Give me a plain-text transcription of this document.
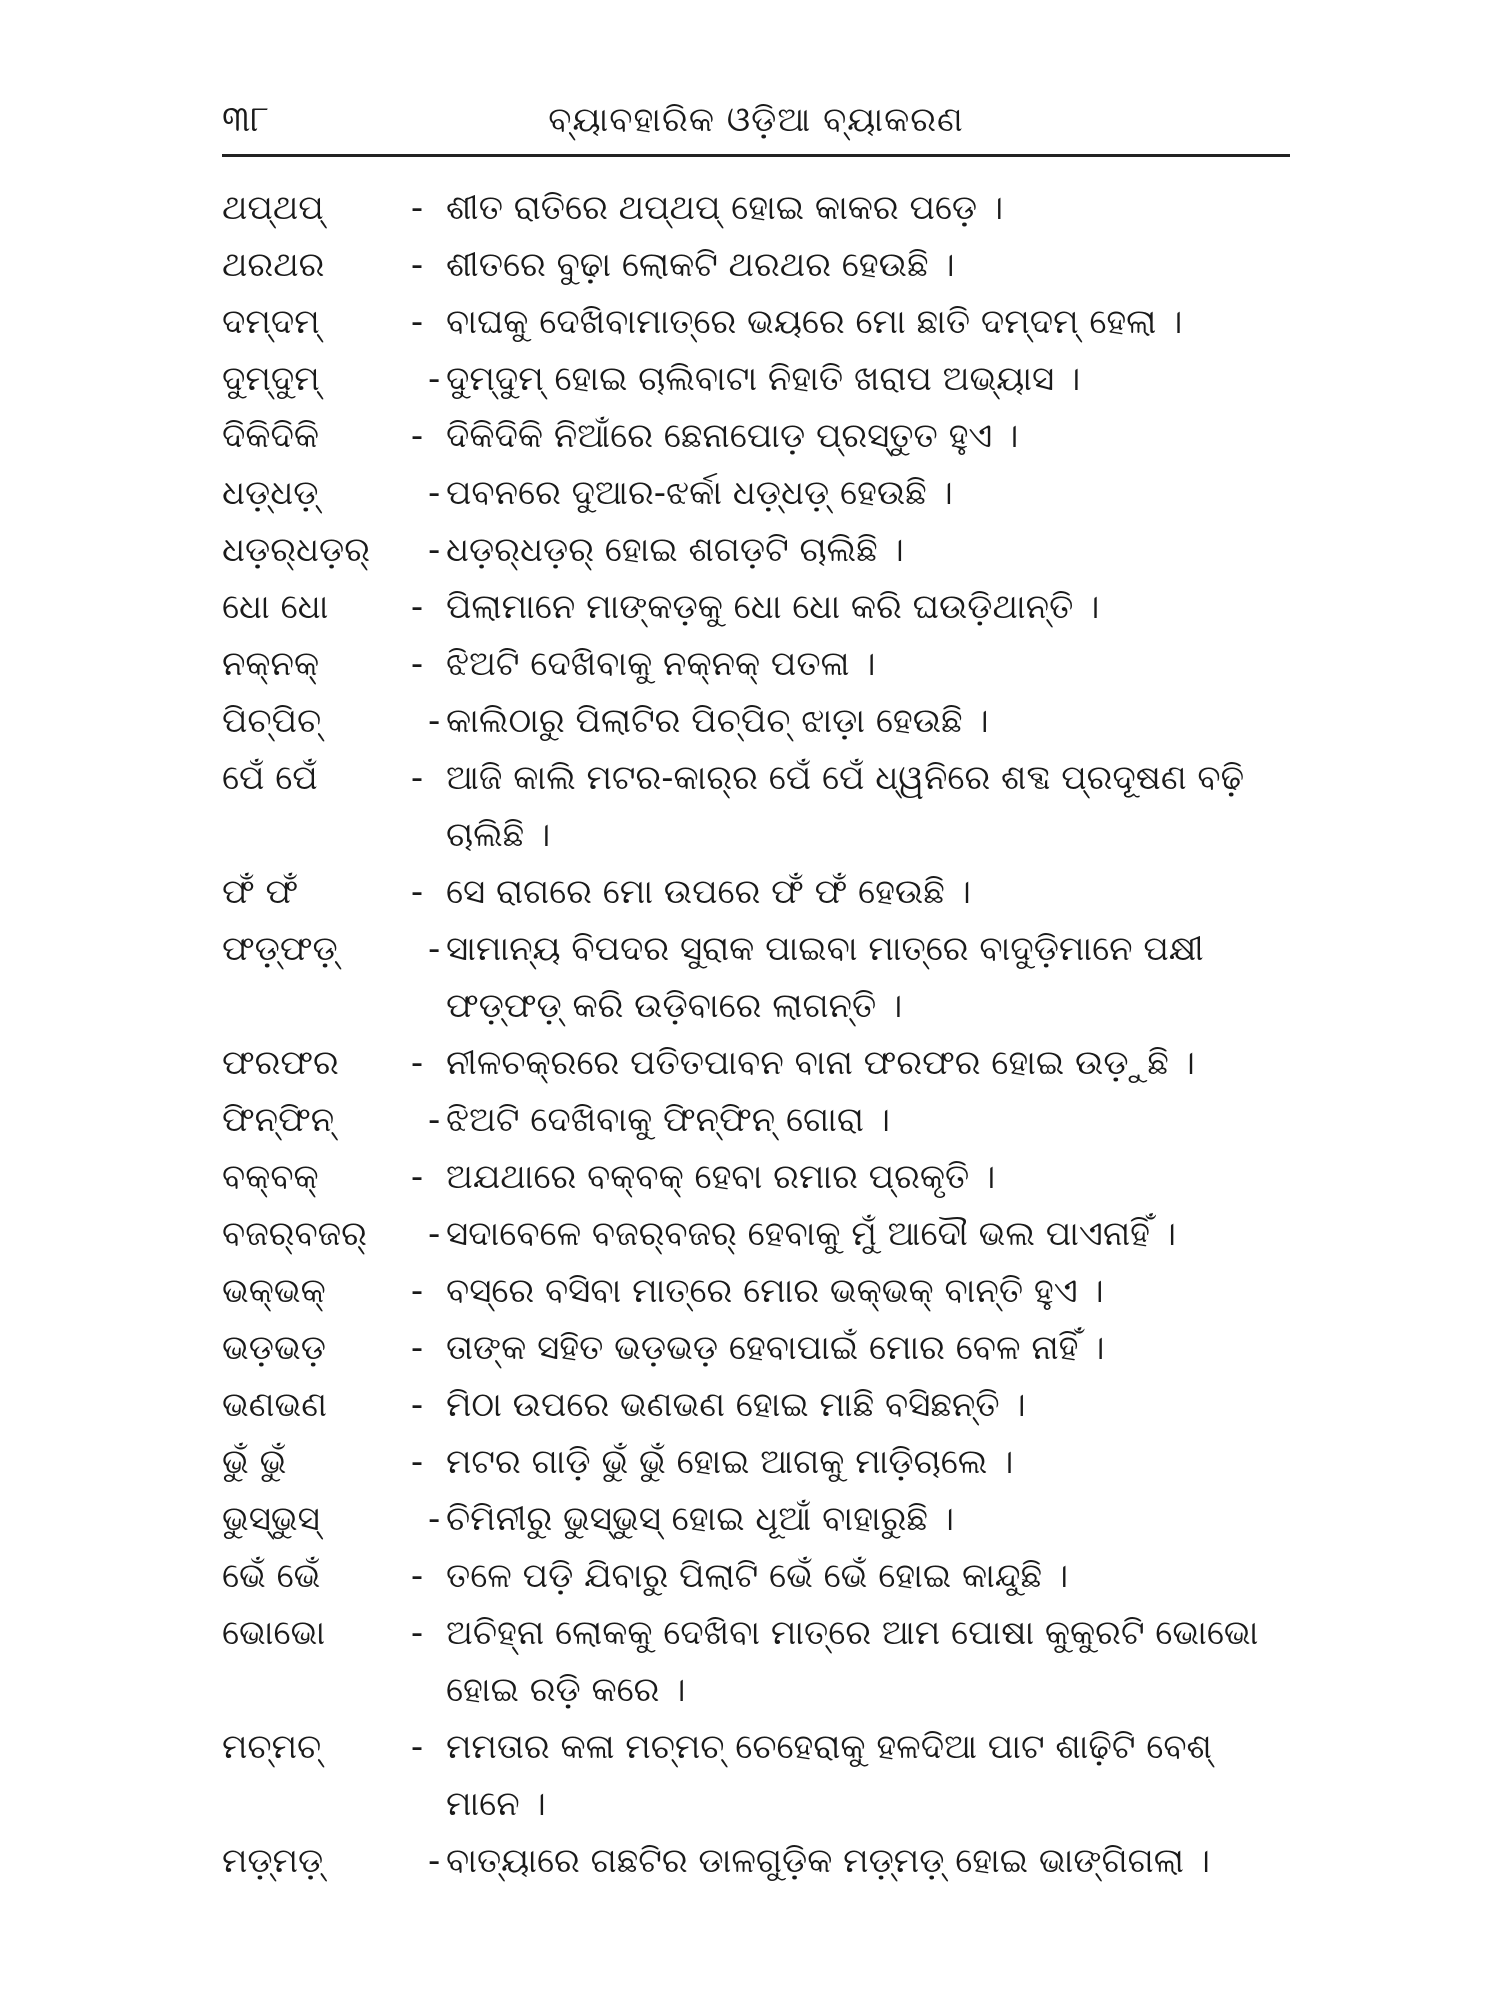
୩୮	ବ୍ୟାବହାରିକ ଓଡ଼ିଆ ବ୍ୟାକରଣ
ଥପ୍‌ଥପ୍	- ଶୀତ ରାତିରେ ଥପ୍‌ଥପ୍ ହୋଇ କାକର ପଡ଼େ ।
ଥରଥର	- ଶୀତରେ ବୁଢ଼ା ଲୋକଟି ଥରଥର ହେଉଛି ।
ଦମ୍‌ଦମ୍	- ବାଘକୁ ଦେଖିବାମାତ୍ରେ ଭୟରେ ମୋ ଛାତି ଦମ୍‌ଦମ୍ ହେଲା ।
ଦୁମ୍‌ଦୁମ୍	- ଦୁମ୍‌ଦୁମ୍ ହୋଇ ଚାଲିବାଟା ନିହାତି ଖରାପ ଅଭ୍ୟାସ ।
ଦିକିଦିକି	- ଦିକିଦିକି ନିଆଁରେ ଛେନାପୋଡ଼ ପ୍ରସ୍ତୁତ ହୁଏ ।
ଧଡ଼୍‌ଧଡ଼୍	- ପବନରେ ଦୁଆର-ଝର୍କା ଧଡ଼୍‌ଧଡ଼୍ ହେଉଛି ।
ଧଡ଼ର୍‌ଧଡ଼ର୍	- ଧଡ଼ର୍‌ଧଡ଼ର୍ ହୋଇ ଶଗଡ଼ଟି ଚାଲିଛି ।
ଧୋ ଧୋ	- ପିଲାମାନେ ମାଙ୍କଡ଼କୁ ଧୋ ଧୋ କରି ଘଉଡ଼ିଥାନ୍ତି ।
ନକ୍‌ନକ୍	- ଝିଅଟି ଦେଖିବାକୁ ନକ୍‌ନକ୍ ପତଳା ।
ପିଚ୍‌ପିଚ୍	- କାଲିଠାରୁ ପିଲାଟିର ପିଚ୍‌ପିଚ୍ ଝାଡ଼ା ହେଉଛି ।
ପେଁ ପେଁ	- ଆଜି କାଲି ମଟର-କାର୍‌ର ପେଁ ପେଁ ଧ୍ୱନିରେ ଶବ୍ଦ ପ୍ରଦୂଷଣ ବଢ଼ି ଚାଲିଛି ।
ଫଁ ଫଁ	- ସେ ରାଗରେ ମୋ ଉପରେ ଫଁ ଫଁ ହେଉଛି ।
ଫଡ଼୍‌ଫଡ଼୍	- ସାମାନ୍ୟ ବିପଦର ସୁରାକ ପାଇବା ମାତ୍ରେ ବାଦୁଡ଼ିମାନେ ପକ୍ଷୀ ଫଡ଼୍‌ଫଡ଼୍ କରି ଉଡ଼ିବାରେ ଲାଗନ୍ତି ।
ଫରଫର	- ନୀଳଚକ୍ରରେ ପତିତପାବନ ବାନା ଫରଫର ହୋଇ ଉଡ଼ୁଛି ।
ଫିନ୍‌ଫିନ୍	- ଝିଅଟି ଦେଖିବାକୁ ଫିନ୍‌ଫିନ୍ ଗୋରା ।
ବକ୍‌ବକ୍	- ଅଯଥାରେ ବକ୍‌ବକ୍ ହେବା ରମାର ପ୍ରକୃତି ।
ବଜର୍‌ବଜର୍	- ସଦାବେଳେ ବଜର୍‌ବଜର୍ ହେବାକୁ ମୁଁ ଆଦୌ ଭଲ ପାଏନାହିଁ ।
ଭକ୍‌ଭକ୍	- ବସ୍‌ରେ ବସିବା ମାତ୍ରେ ମୋର ଭକ୍‌ଭକ୍ ବାନ୍ତି ହୁଏ ।
ଭଡ଼ଭଡ଼	- ତାଙ୍କ ସହିତ ଭଡ଼ଭଡ଼ ହେବାପାଇଁ ମୋର ବେଳ ନାହିଁ ।
ଭଣଭଣ	- ମିଠା ଉପରେ ଭଣଭଣ ହୋଇ ମାଛି ବସିଛନ୍ତି ।
ଭୁଁ ଭୁଁ	- ମଟର ଗାଡ଼ି ଭୁଁ ଭୁଁ ହୋଇ ଆଗକୁ ମାଡ଼ିଚାଲେ ।
ଭୁସ୍‌ଭୁସ୍	- ଚିମିନୀରୁ ଭୁସ୍‌ଭୁସ୍ ହୋଇ ଧୂଆଁ ବାହାରୁଛି ।
ଭେଁ ଭେଁ	- ତଳେ ପଡ଼ି ଯିବାରୁ ପିଲାଟି ଭେଁ ଭେଁ ହୋଇ କାନ୍ଦୁଛି ।
ଭୋଭୋ	- ଅଚିହ୍ନା ଲୋକକୁ ଦେଖିବା ମାତ୍ରେ ଆମ ପୋଷା କୁକୁରଟି ଭୋଭୋ ହୋଇ ରଡ଼ି କରେ ।
ମଚ୍‌ମଚ୍	- ମମତାର କଳା ମଚ୍‌ମଚ୍ ଚେହେରାକୁ ହଳଦିଆ ପାଟ ଶାଢ଼ିଟି ବେଶ୍ ମାନେ ।
ମଡ଼୍‌ମଡ଼୍	- ବାତ୍ୟାରେ ଗଛଟିର ଡାଳଗୁଡ଼ିକ ମଡ଼୍‌ମଡ଼୍ ହୋଇ ଭାଙ୍ଗିଗଲା ।
